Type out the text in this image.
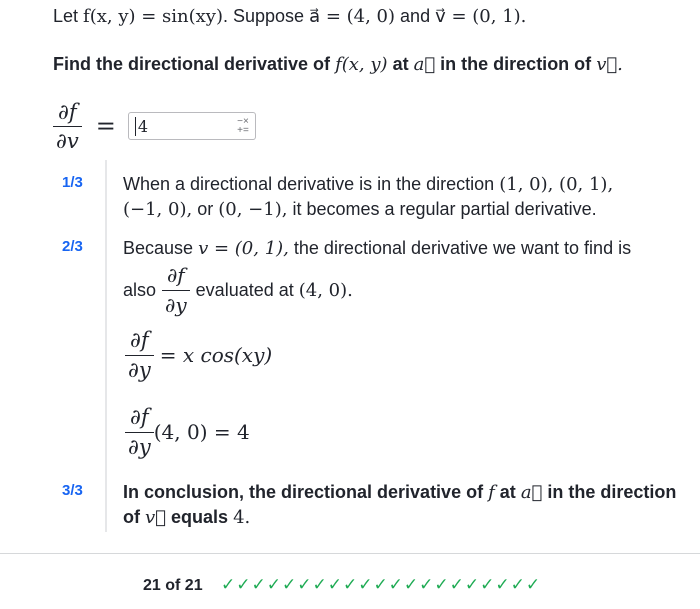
Let f(x, y) = sin(xy). Suppose a⃗ = (4, 0) and v⃗ = (0, 1).
Find the directional derivative of f(x, y) at a⃗ in the direction of v⃗.
$\frac{\partial f}{\partial v} = 4$	−×
+=
1/3	When a directional derivative is in the direction (1, 0), (0, 1),
(−1, 0), or (0, −1), it becomes a regular partial derivative.
2/3	Because v = (0, 1), the directional derivative we want to find is
also $\frac{\partial f}{\partial y}$ evaluated at
(4, 0).
$\frac{\partial f}{\partial y} = x$ cos(xy)
$\frac{\partial f}{\partial y} (4$, 0) = 4
3/3	In conclusion, the directional derivative of f at a⃗ in the direction
of v⃗ equals 4.
21 of 21 ✓✓✓✓✓✓✓✓✓✓✓✓✓✓✓✓✓✓✓✓✓
